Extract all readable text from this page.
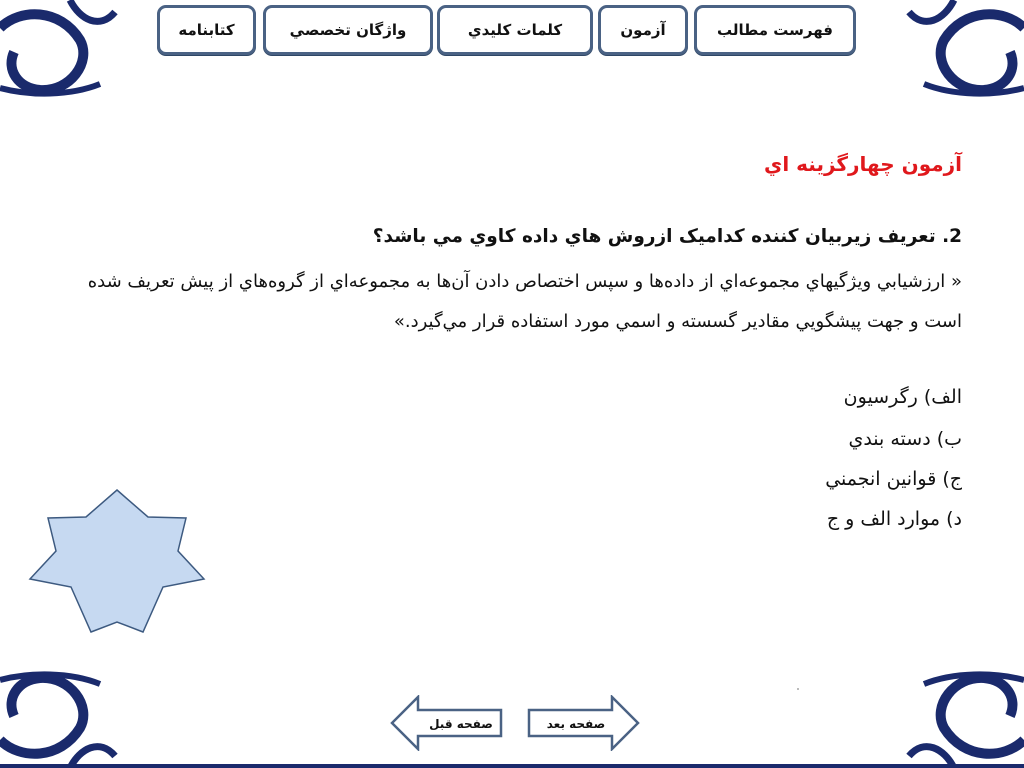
کتابنامه	واژگان تخصصي	کلمات کليدي	آزمون	فهرست مطالب
آزمون چهارگزينه اي
2. تعريف زيربيان كننده كداميک ازروش هاي داده كاوي مي باشد؟
« ارزشيابي ويژگيهاي مجموعه‌اي از داده‌ها و سپس اختصاص دادن آن‌ها به مجموعه‌اي از گروه‌هاي از پيش تعريف شده است و جهت پيشگويي مقادير گسسته و اسمي مورد استفاده قرار مي‌گيرد.»
الف) رگرسيون
ب) دسته بندي
ج) قوانين انجمني
د) موارد الف و ج
صفحه قبل	صفحه بعد
